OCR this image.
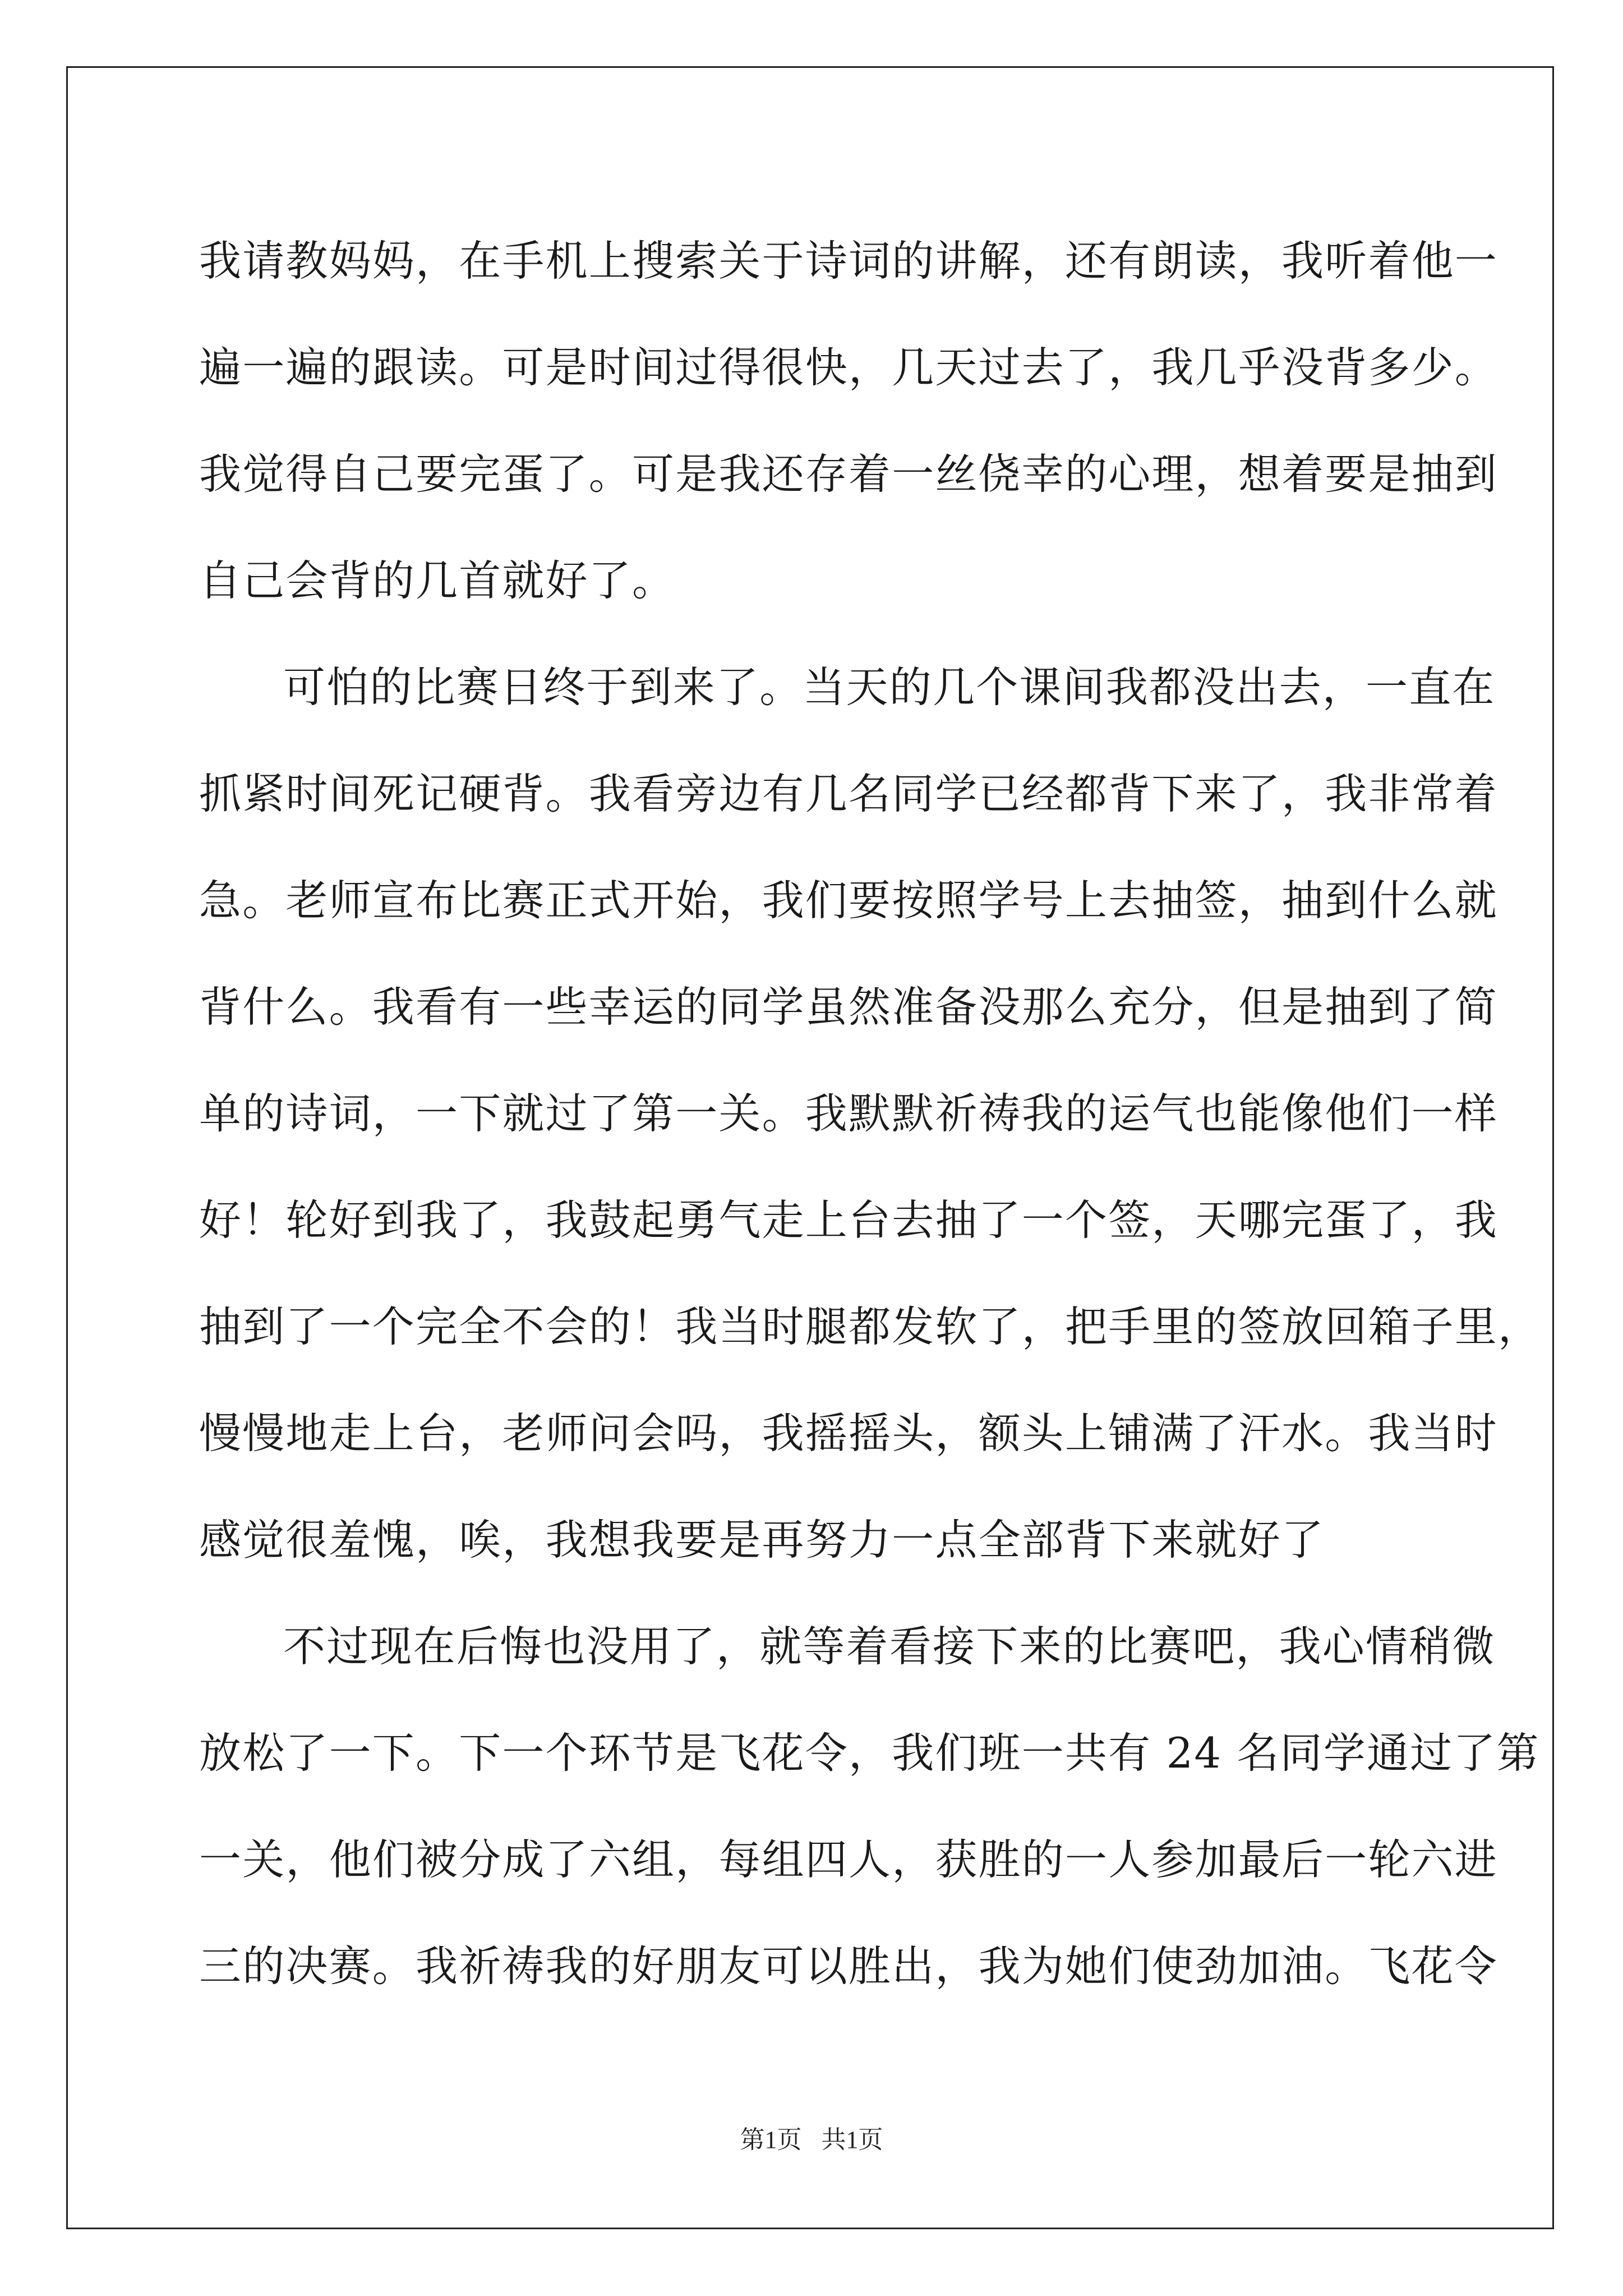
我请教妈妈，在手机上搜索关于诗词的讲解，还有朗读，我听着他一
遍一遍的跟读。可是时间过得很快，几天过去了，我几乎没背多少。
我觉得自己要完蛋了。可是我还存着一丝侥幸的心理，想着要是抽到
自己会背的几首就好了。
可怕的比赛日终于到来了。当天的几个课间我都没出去，一直在
抓紧时间死记硬背。我看旁边有几名同学已经都背下来了，我非常着
急。老师宣布比赛正式开始，我们要按照学号上去抽签，抽到什么就
背什么。我看有一些幸运的同学虽然准备没那么充分，但是抽到了简
单的诗词，一下就过了第一关。我默默祈祷我的运气也能像他们一样
好！轮好到我了，我鼓起勇气走上台去抽了一个签，天哪完蛋了，我
抽到了一个完全不会的！我当时腿都发软了，把手里的签放回箱子里，
慢慢地走上台，老师问会吗，我摇摇头，额头上铺满了汗水。我当时
感觉很羞愧，唉，我想我要是再努力一点全部背下来就好了
不过现在后悔也没用了，就等着看接下来的比赛吧，我心情稍微
放松了一下。下一个环节是飞花令，我们班一共有 24 名同学通过了第
一关，他们被分成了六组，每组四人，获胜的一人参加最后一轮六进
三的决赛。我祈祷我的好朋友可以胜出，我为她们使劲加油。飞花令
第1页 共1页
